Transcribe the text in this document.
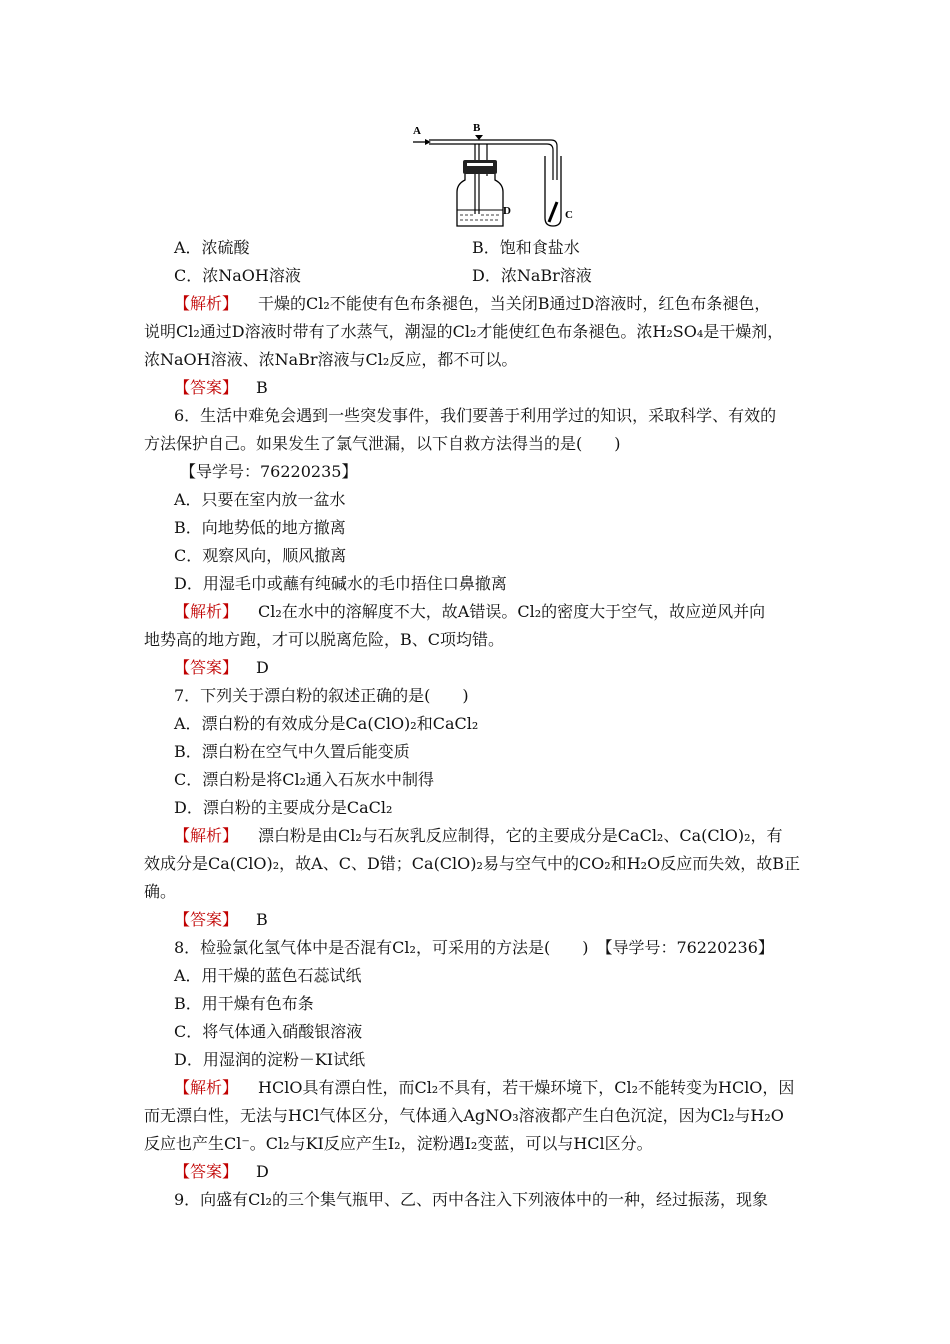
A	B
D	C
A．浓硫酸	B．饱和食盐水
C．浓NaOH溶液	D．浓NaBr溶液
【解析】 干燥的Cl₂不能使有色布条褪色，当关闭B通过D溶液时，红色布条褪色，
说明Cl₂通过D溶液时带有了水蒸气，潮湿的Cl₂才能使红色布条褪色。浓H₂SO₄是干燥剂，
浓NaOH溶液、浓NaBr溶液与Cl₂反应，都不可以。
【答案】 B
6．生活中难免会遇到一些突发事件，我们要善于利用学过的知识，采取科学、有效的
方法保护自己。如果发生了氯气泄漏，以下自救方法得当的是(　　)
【导学号：76220235】
A．只要在室内放一盆水
B．向地势低的地方撤离
C．观察风向，顺风撤离
D．用湿毛巾或蘸有纯碱水的毛巾捂住口鼻撤离
【解析】 Cl₂在水中的溶解度不大，故A错误。Cl₂的密度大于空气，故应逆风并向
地势高的地方跑，才可以脱离危险，B、C项均错。
【答案】 D
7．下列关于漂白粉的叙述正确的是(　　)
A．漂白粉的有效成分是Ca(ClO)₂和CaCl₂
B．漂白粉在空气中久置后能变质
C．漂白粉是将Cl₂通入石灰水中制得
D．漂白粉的主要成分是CaCl₂
【解析】 漂白粉是由Cl₂与石灰乳反应制得，它的主要成分是CaCl₂、Ca(ClO)₂，有
效成分是Ca(ClO)₂，故A、C、D错；Ca(ClO)₂易与空气中的CO₂和H₂O反应而失效，故B正
确。
【答案】 B
8．检验氯化氢气体中是否混有Cl₂，可采用的方法是(　　)　【导学号：76220236】
A．用干燥的蓝色石蕊试纸
B．用干燥有色布条
C．将气体通入硝酸银溶液
D．用湿润的淀粉－KI试纸
【解析】 HClO具有漂白性，而Cl₂不具有，若干燥环境下，Cl₂不能转变为HClO，因
而无漂白性，无法与HCl气体区分，气体通入AgNO₃溶液都产生白色沉淀，因为Cl₂与H₂O
反应也产生Cl⁻。Cl₂与KI反应产生I₂，淀粉遇I₂变蓝，可以与HCl区分。
【答案】 D
9．向盛有Cl₂的三个集气瓶甲、乙、丙中各注入下列液体中的一种，经过振荡，现象
